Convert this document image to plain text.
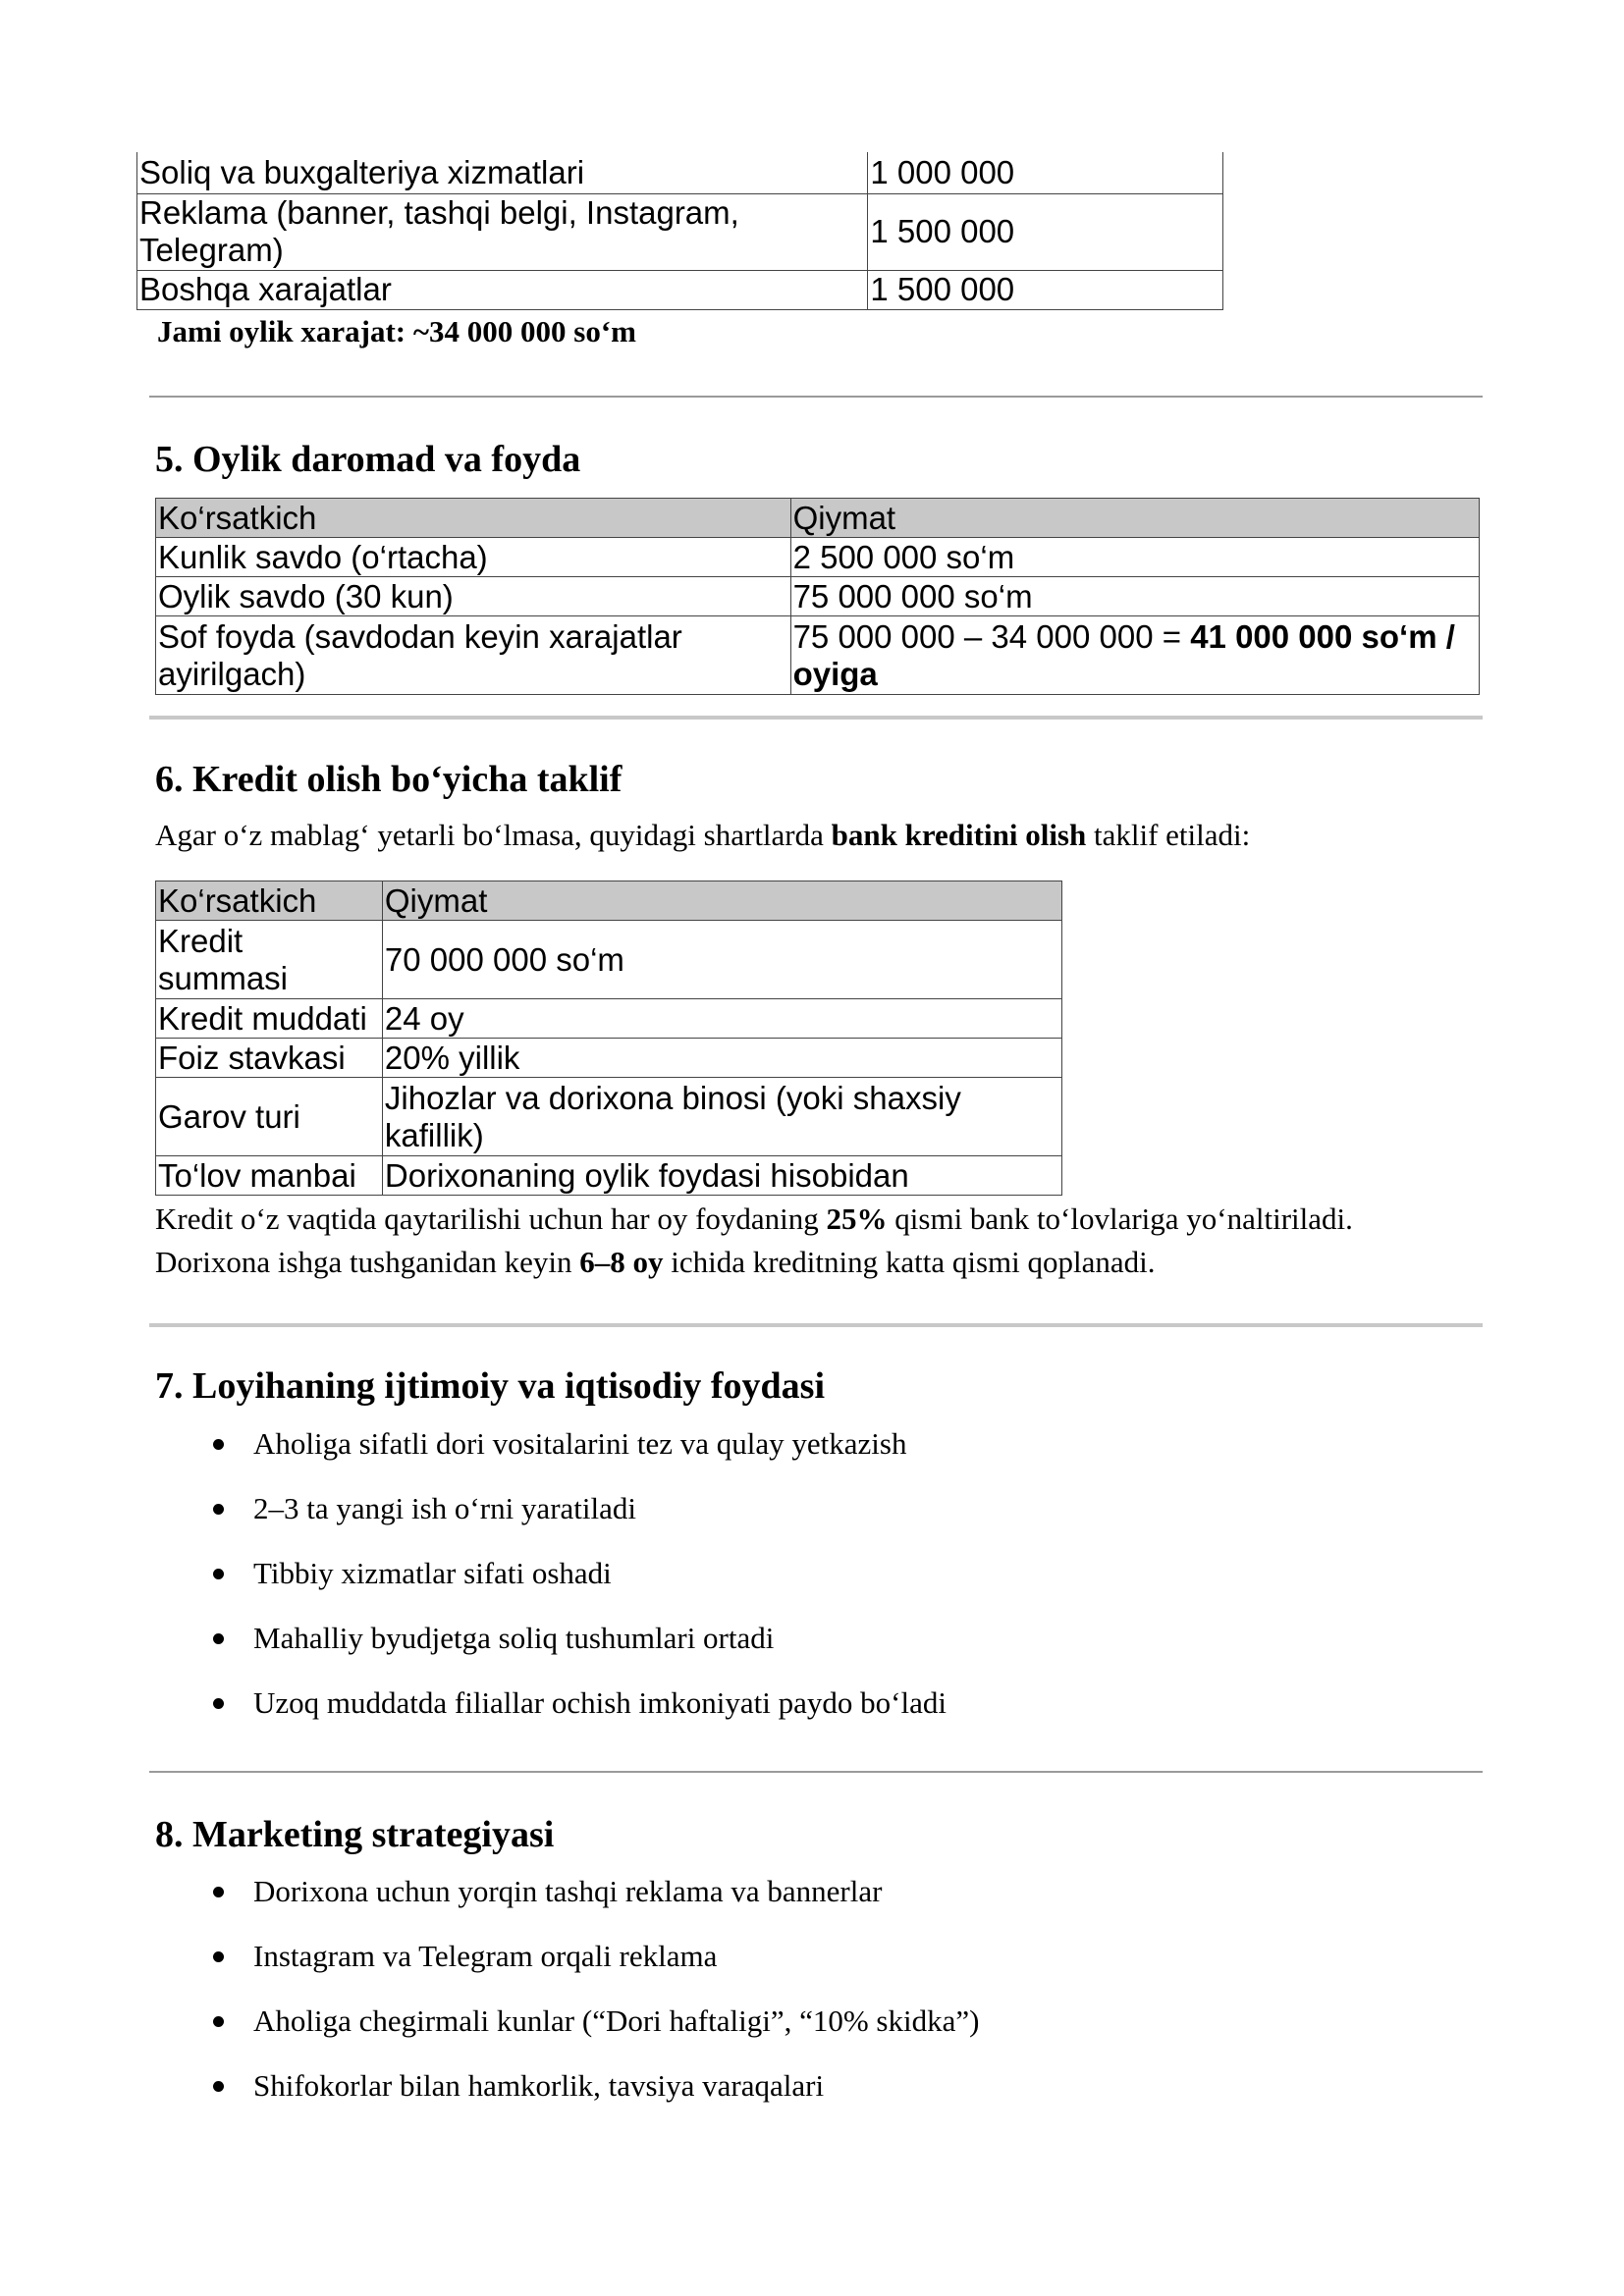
Soliq va buxgalteriya xizmatlari	1 000 000
Reklama (banner, tashqi belgi, Instagram, Telegram)	1 500 000
Boshqa xarajatlar	1 500 000
Jami oylik xarajat: ~34 000 000 so‘m
5. Oylik daromad va foyda
Ko‘rsatkich	Qiymat
Kunlik savdo (o‘rtacha)	2 500 000 so‘m
Oylik savdo (30 kun)	75 000 000 so‘m
Sof foyda (savdodan keyin xarajatlar ayirilgach)	75 000 000 – 34 000 000 = 41 000 000 so‘m / oyiga
6. Kredit olish bo‘yicha taklif
Agar o‘z mablag‘ yetarli bo‘lmasa, quyidagi shartlarda bank kreditini olish taklif etiladi:
Ko‘rsatkich	Qiymat
Kredit summasi	70 000 000 so‘m
Kredit muddati	24 oy
Foiz stavkasi	20% yillik
Garov turi	Jihozlar va dorixona binosi (yoki shaxsiy kafillik)
To‘lov manbai	Dorixonaning oylik foydasi hisobidan
Kredit o‘z vaqtida qaytarilishi uchun har oy foydaning 25% qismi bank to‘lovlariga yo‘naltiriladi.
Dorixona ishga tushganidan keyin 6–8 oy ichida kreditning katta qismi qoplanadi.
7. Loyihaning ijtimoiy va iqtisodiy foydasi
Aholiga sifatli dori vositalarini tez va qulay yetkazish
2–3 ta yangi ish o‘rni yaratiladi
Tibbiy xizmatlar sifati oshadi
Mahalliy byudjetga soliq tushumlari ortadi
Uzoq muddatda filiallar ochish imkoniyati paydo bo‘ladi
8. Marketing strategiyasi
Dorixona uchun yorqin tashqi reklama va bannerlar
Instagram va Telegram orqali reklama
Aholiga chegirmali kunlar (“Dori haftaligi”, “10% skidka”)
Shifokorlar bilan hamkorlik, tavsiya varaqalari
